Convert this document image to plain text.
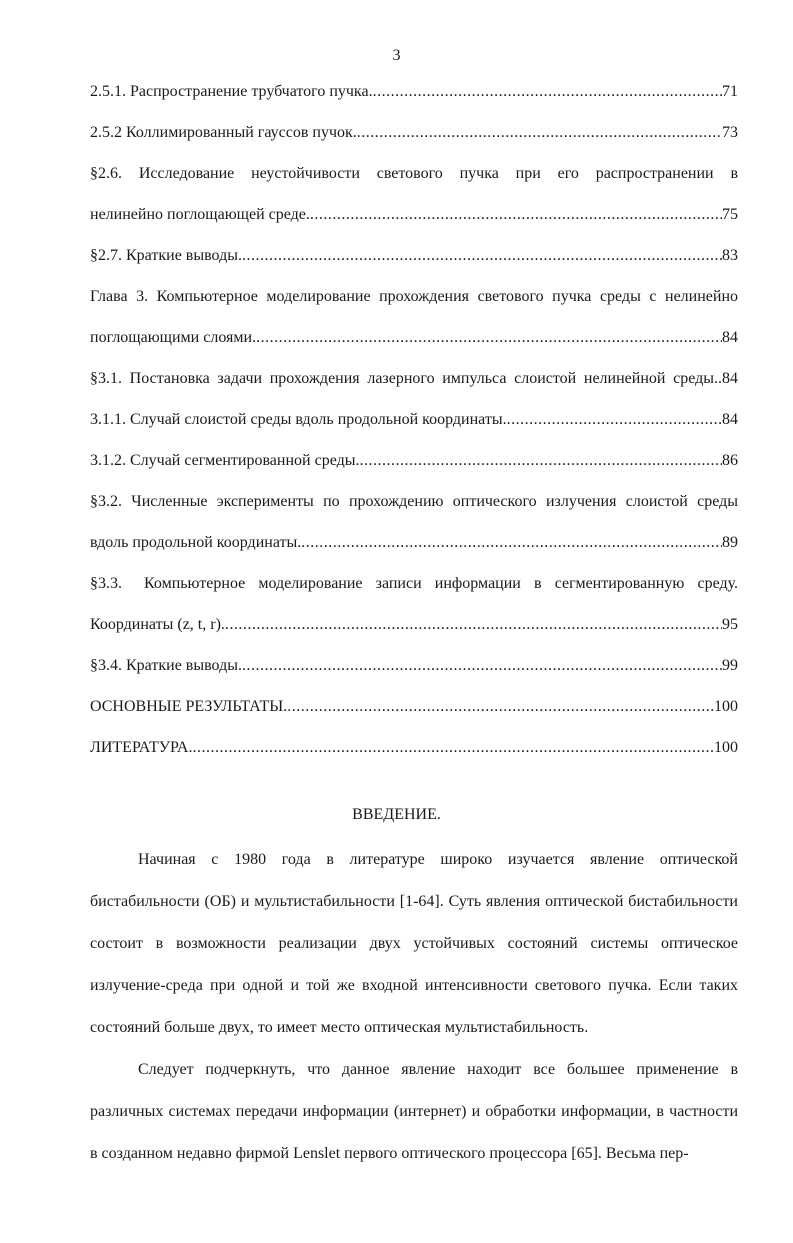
3
2.5.1. Распространение трубчатого пучка. .....	71
2.5.2 Коллимированный гауссов пучок. .....	73
§2.6. Исследование неустойчивости светового пучка при его распространении в
нелинейно поглощающей среде. .....	75
§2.7. Краткие выводы. .....	83
Глава 3. Компьютерное моделирование прохождения светового пучка среды с нелинейно
поглощающими слоями. .....	84
§3.1. Постановка задачи прохождения лазерного импульса слоистой нелинейной среды..84
3.1.1. Случай слоистой среды вдоль продольной координаты. .....	84
3.1.2. Случай сегментированной среды. .....	86
§3.2. Численные эксперименты по прохождению оптического излучения слоистой среды
вдоль продольной координаты. .....	89
§3.3. Компьютерное моделирование записи информации в сегментированную среду.
Координаты (z, t, r). .....	95
§3.4. Краткие выводы. .....	99
ОСНОВНЫЕ РЕЗУЛЬТАТЫ. .....	100
ЛИТЕРАТУРА. .....	100
ВВЕДЕНИЕ.

Начиная с 1980 года в литературе широко изучается явление оптической бистабильности (ОБ) и мультистабильности [1-64]. Суть явления оптической бистабильности состоит в возможности реализации двух устойчивых состояний системы оптическое излучение-среда при одной и той же входной интенсивности светового пучка. Если таких состояний больше двух, то имеет место оптическая мультистабильность.

Следует подчеркнуть, что данное явление находит все большее применение в различных системах передачи информации (интернет) и обработки информации, в частности в созданном недавно фирмой Lenslet первого оптического процессора [65]. Весьма пер-
